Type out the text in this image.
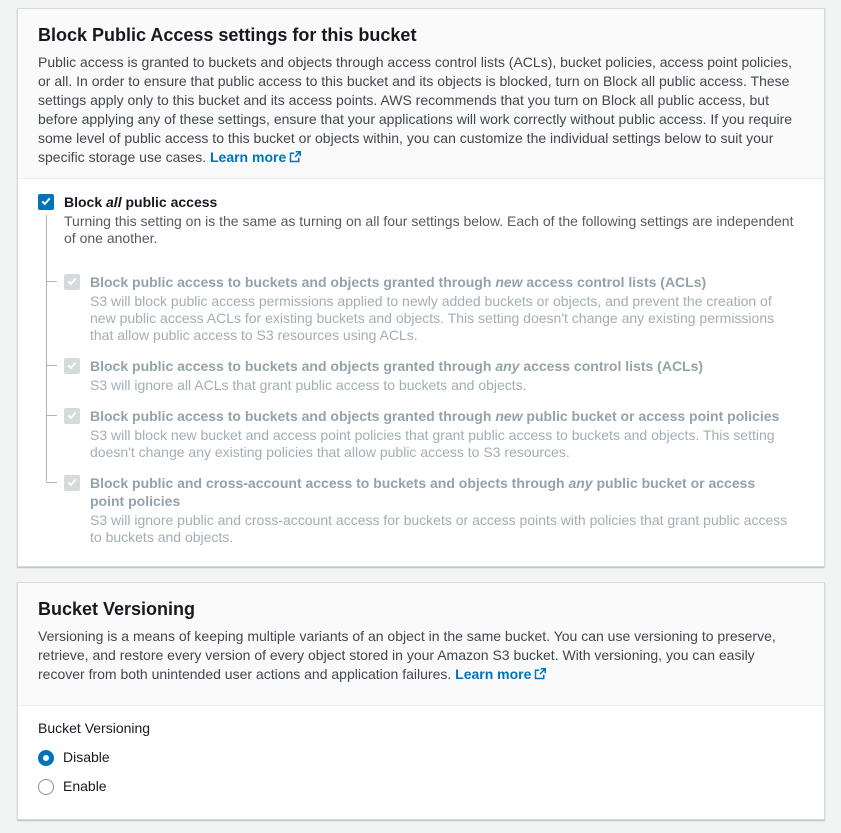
Block Public Access settings for this bucket

Public access is granted to buckets and objects through access control lists (ACLs), bucket policies, access point policies, or all. In order to ensure that public access to this bucket and its objects is blocked, turn on Block all public access. These settings apply only to this bucket and its access points. AWS recommends that you turn on Block all public access, but before applying any of these settings, ensure that your applications will work correctly without public access. If you require some level of public access to this bucket or objects within, you can customize the individual settings below to suit your specific storage use cases. Learn more

Block all public access

Turning this setting on is the same as turning on all four settings below. Each of the following settings are independent of one another.

Block public access to buckets and objects granted through new access control lists (ACLs)

S3 will block public access permissions applied to newly added buckets or objects, and prevent the creation of new public access ACLs for existing buckets and objects. This setting doesn't change any existing permissions that allow public access to S3 resources using ACLs.

Block public access to buckets and objects granted through any access control lists (ACLs)

S3 will ignore all ACLs that grant public access to buckets and objects.

Block public access to buckets and objects granted through new public bucket or access point policies

S3 will block new bucket and access point policies that grant public access to buckets and objects. This setting doesn't change any existing policies that allow public access to S3 resources.

Block public and cross-account access to buckets and objects through any public bucket or access point policies

S3 will ignore public and cross-account access for buckets or access points with policies that grant public access to buckets and objects.

Bucket Versioning

Versioning is a means of keeping multiple variants of an object in the same bucket. You can use versioning to preserve, retrieve, and restore every version of every object stored in your Amazon S3 bucket. With versioning, you can easily recover from both unintended user actions and application failures. Learn more

Bucket Versioning
Disable
Enable
